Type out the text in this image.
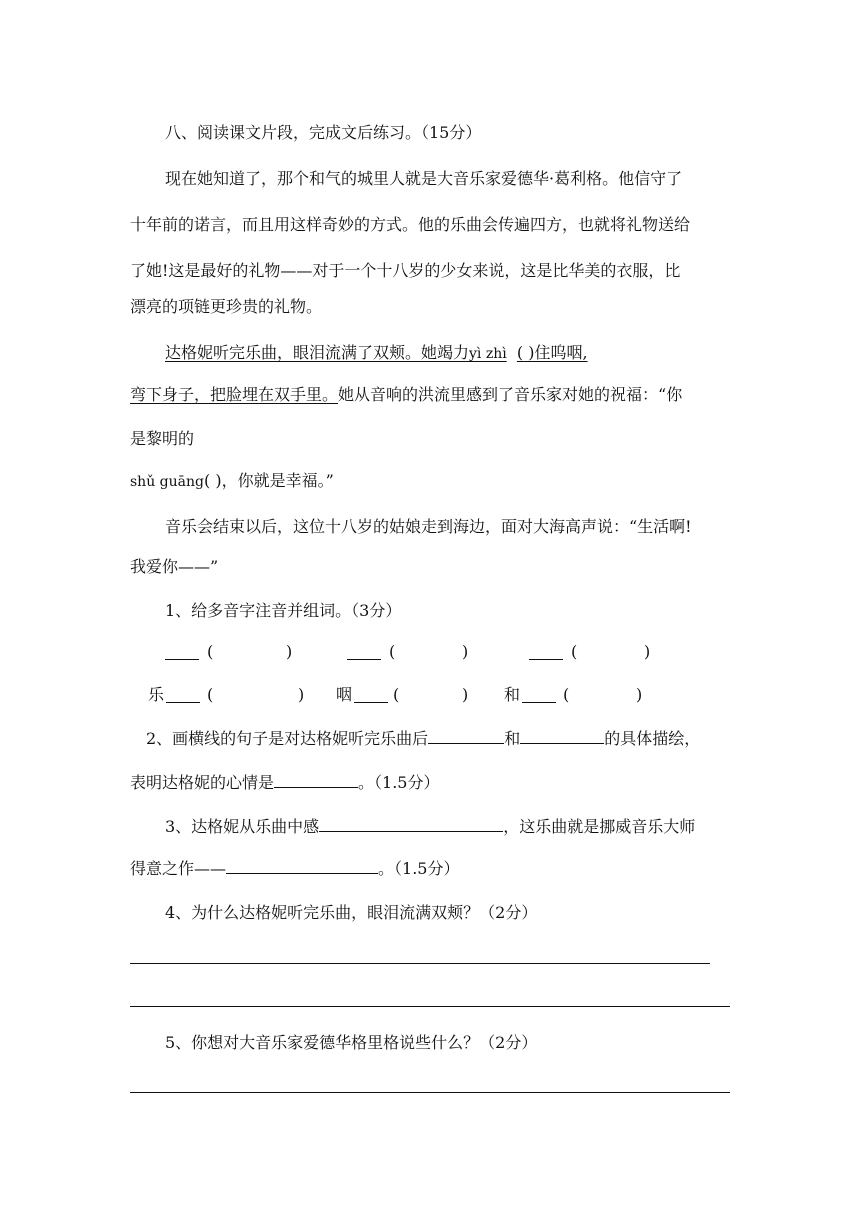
八、阅读课文片段，完成文后练习。（15分）
现在她知道了，那个和气的城里人就是大音乐家爱德华·葛利格。他信守了
十年前的诺言，而且用这样奇妙的方式。他的乐曲会传遍四方，也就将礼物送给
了她!这是最好的礼物——对于一个十八岁的少女来说，这是比华美的衣服，比
漂亮的项链更珍贵的礼物。
达格妮听完乐曲，眼泪流满了双颊。她竭力yì zhì ( )住呜咽,
弯下身子，把脸埋在双手里。她从音响的洪流里感到了音乐家对她的祝福：“你
是黎明的
shǔ guāng( )，你就是幸福。”
音乐会结束以后，这位十八岁的姑娘走到海边，面对大海高声说：“生活啊!
我爱你——”
1、给多音字注音并组词。（3分）
(	)	(	)	(	)
乐	(	) 咽	(	) 和	(	)
2、画横线的句子是对达格妮听完乐曲后	和	的具体描绘，
表明达格妮的心情是	。（1.5分）
3、达格妮从乐曲中感	，这乐曲就是挪威音乐大师
得意之作——	。（1.5分）
4、为什么达格妮听完乐曲，眼泪流满双颊？（2分）
5、你想对大音乐家爱德华格里格说些什么？（2分）
